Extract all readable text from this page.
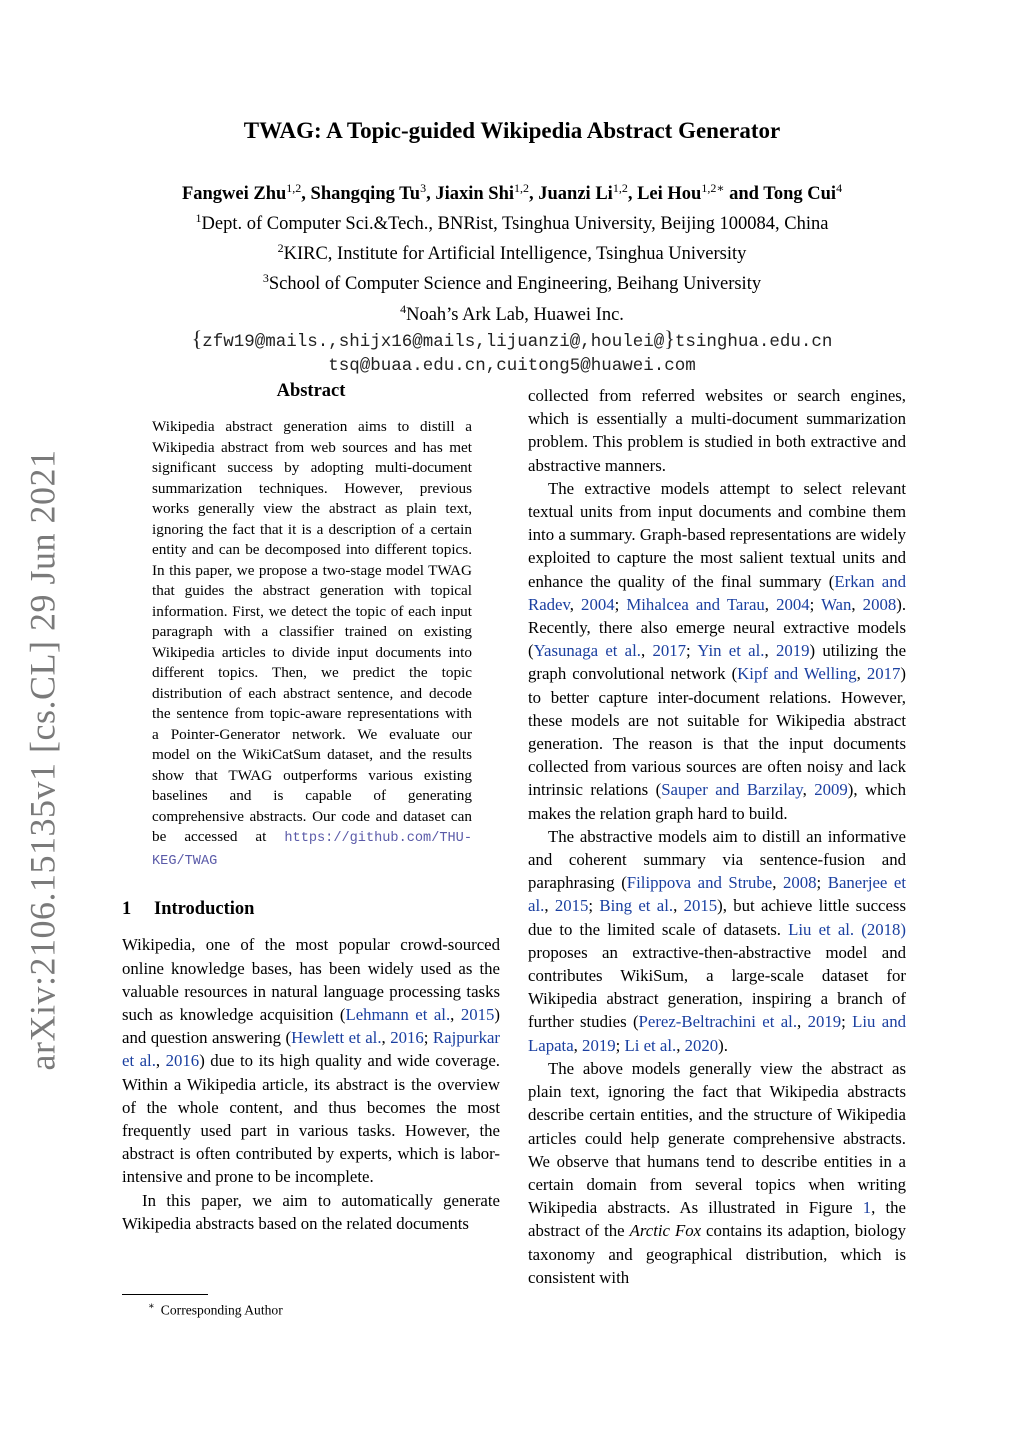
arXiv:2106.15135v1 [cs.CL] 29 Jun 2021
TWAG: A Topic-guided Wikipedia Abstract Generator
Fangwei Zhu$^{1,2}$, Shangqing Tu$^3$, Jiaxin Shi$^{1,2}$, Juanzi Li$^{1,2}$, Lei Hou$^{1,2∗}$ and Tong Cui$^4$
$^1$Dept. of Computer Sci.&Tech., BNRist, Tsinghua University, Beijing 100084, China
$^2$KIRC, Institute for Artificial Intelligence, Tsinghua University
$^3$School of Computer Science and Engineering, Beihang University
$^4$Noah’s Ark Lab, Huawei Inc.
{zfw19@mails.,shijx16@mails,lijuanzi@,houlei@}tsinghua.edu.cn
tsq@buaa.edu.cn,cuitong5@huawei.com
Abstract
Wikipedia abstract generation aims to distill a Wikipedia abstract from web sources and has met significant success by adopting multi-document summarization techniques. However, previous works generally view the abstract as plain text, ignoring the fact that it is a description of a certain entity and can be decomposed into different topics. In this paper, we propose a two-stage model TWAG that guides the abstract generation with topical information. First, we detect the topic of each input paragraph with a classifier trained on existing Wikipedia articles to divide input documents into different topics. Then, we predict the topic distribution of each abstract sentence, and decode the sentence from topic-aware representations with a Pointer-Generator network. We evaluate our model on the WikiCatSum dataset, and the results show that TWAG outperforms various existing baselines and is capable of generating comprehensive abstracts. Our code and dataset can be accessed at https://github.com/THU-KEG/TWAG
1 Introduction

Wikipedia, one of the most popular crowd-sourced online knowledge bases, has been widely used as the valuable resources in natural language processing tasks such as knowledge acquisition (Lehmann et al., 2015) and question answering (Hewlett et al., 2016; Rajpurkar et al., 2016) due to its high quality and wide coverage. Within a Wikipedia article, its abstract is the overview of the whole content, and thus becomes the most frequently used part in various tasks. However, the abstract is often contributed by experts, which is labor-intensive and prone to be incomplete.

In this paper, we aim to automatically generate Wikipedia abstracts based on the related documents

collected from referred websites or search engines, which is essentially a multi-document summarization problem. This problem is studied in both extractive and abstractive manners.

The extractive models attempt to select relevant textual units from input documents and combine them into a summary. Graph-based representations are widely exploited to capture the most salient textual units and enhance the quality of the final summary (Erkan and Radev, 2004; Mihalcea and Tarau, 2004; Wan, 2008). Recently, there also emerge neural extractive models (Yasunaga et al., 2017; Yin et al., 2019) utilizing the graph convolutional network (Kipf and Welling, 2017) to better capture inter-document relations. However, these models are not suitable for Wikipedia abstract generation. The reason is that the input documents collected from various sources are often noisy and lack intrinsic relations (Sauper and Barzilay, 2009), which makes the relation graph hard to build.

The abstractive models aim to distill an informative and coherent summary via sentence-fusion and paraphrasing (Filippova and Strube, 2008; Banerjee et al., 2015; Bing et al., 2015), but achieve little success due to the limited scale of datasets. Liu et al. (2018) proposes an extractive-then-abstractive model and contributes WikiSum, a large-scale dataset for Wikipedia abstract generation, inspiring a branch of further studies (Perez-Beltrachini et al., 2019; Liu and Lapata, 2019; Li et al., 2020).

The above models generally view the abstract as plain text, ignoring the fact that Wikipedia abstracts describe certain entities, and the structure of Wikipedia articles could help generate comprehensive abstracts. We observe that humans tend to describe entities in a certain domain from several topics when writing Wikipedia abstracts. As illustrated in Figure 1, the abstract of the Arctic Fox contains its adaption, biology taxonomy and geographical distribution, which is consistent with

∗ Corresponding Author
